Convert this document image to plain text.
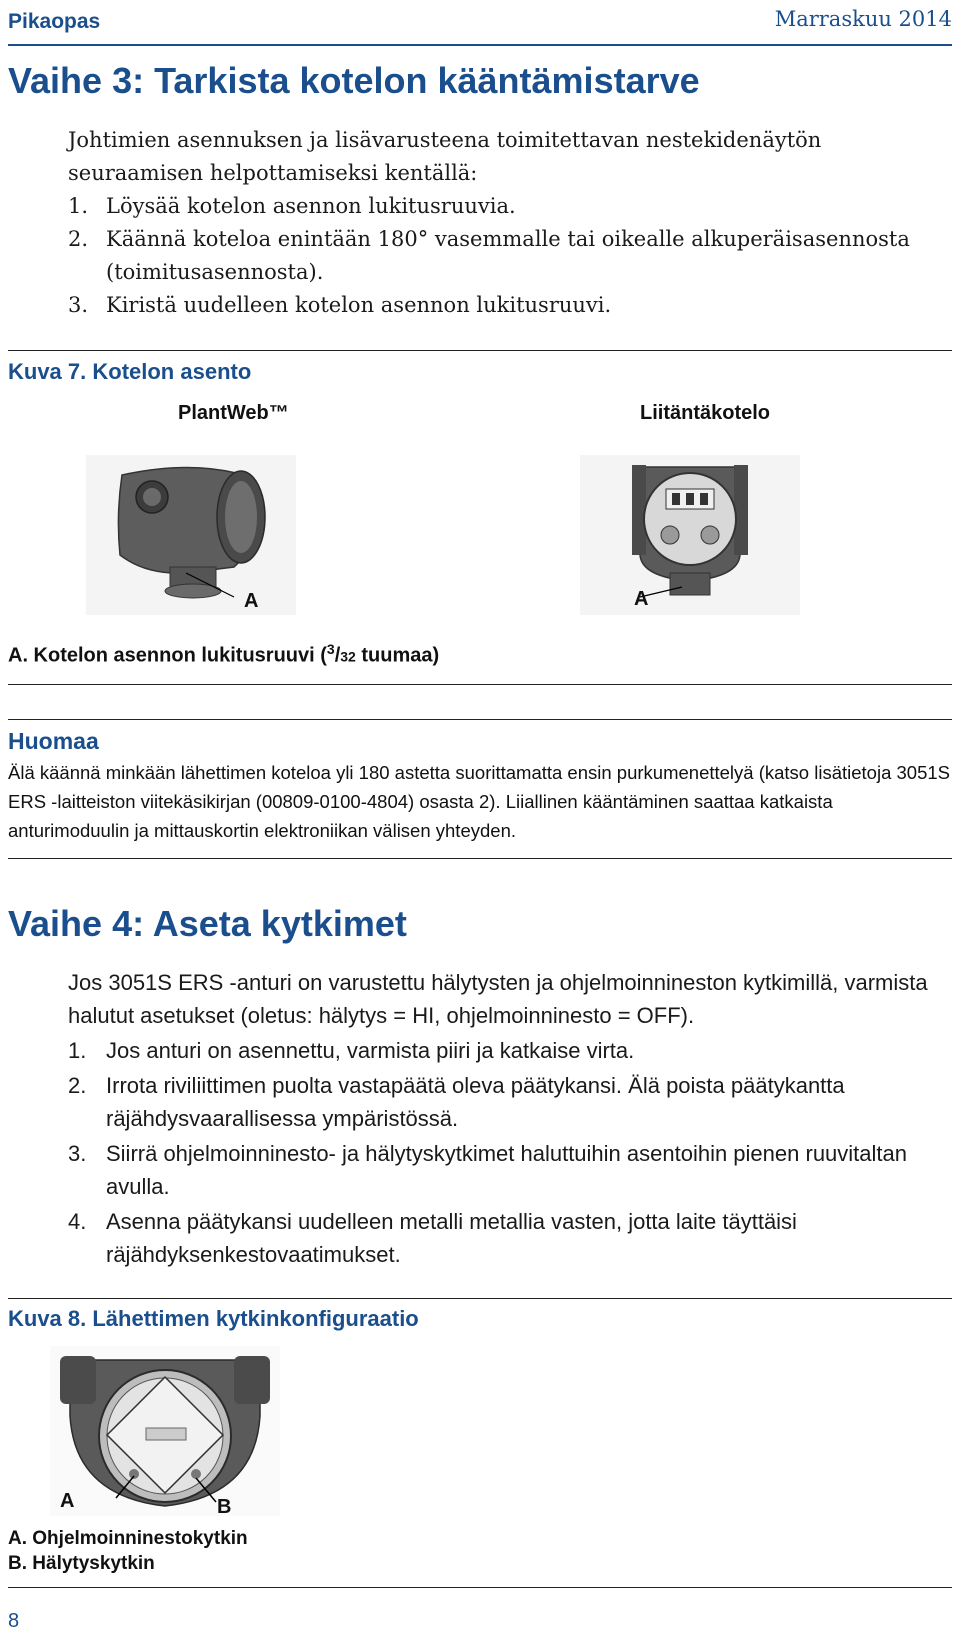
Pikaopas	Marraskuu 2014
Vaihe 3: Tarkista kotelon kääntämistarve

Johtimien asennuksen ja lisävarusteena toimitettavan nestekidenäytön seuraamisen helpottamiseksi kentällä:

1. Löysää kotelon asennon lukitusruuvia.
2. Käännä koteloa enintään 180° vasemmalle tai oikealle alkuperäisasennosta (toimitusasennosta).
3. Kiristä uudelleen kotelon asennon lukitusruuvi.
Kuva 7. Kotelon asento
PlantWeb™	Liitäntäkotelo
A	A
A. Kotelon asennon lukitusruuvi ($^3$/32 tuumaa)
Huomaa
Älä käännä minkään lähettimen koteloa yli 180 astetta suorittamatta ensin purkumenettelyä (katso lisätietoja 3051S ERS -laitteiston viitekäsikirjan (00809-0100-4804) osasta 2). Liiallinen kääntäminen saattaa katkaista anturimoduulin ja mittauskortin elektroniikan välisen yhteyden.
Vaihe 4: Aseta kytkimet

Jos 3051S ERS -anturi on varustettu hälytysten ja ohjelmoinnineston kytkimillä, varmista halutut asetukset (oletus: hälytys = HI, ohjelmoinninesto = OFF).

1. Jos anturi on asennettu, varmista piiri ja katkaise virta.
2. Irrota riviliittimen puolta vastapäätä oleva päätykansi. Älä poista päätykantta räjähdysvaarallisessa ympäristössä.
3. Siirrä ohjelmoinninesto- ja hälytyskytkimet haluttuihin asentoihin pienen ruuvitaltan avulla.
4. Asenna päätykansi uudelleen metalli metallia vasten, jotta laite täyttäisi räjähdyksenkestovaatimukset.
Kuva 8. Lähettimen kytkinkonfiguraatio
A	B
A. Ohjelmoinninestokytkin
B. Hälytyskytkin
8
